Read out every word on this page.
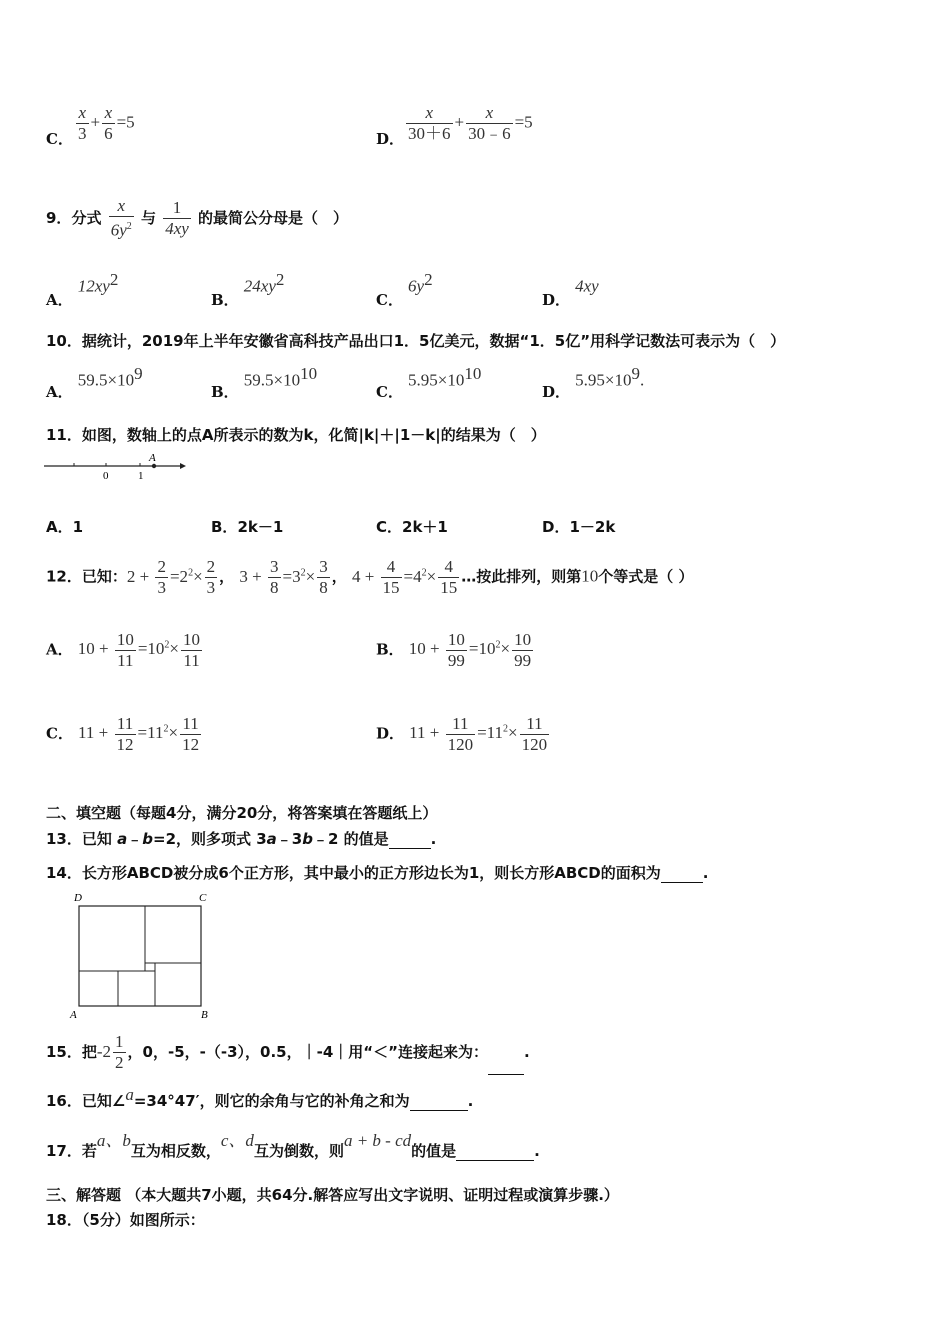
C． $\frac{x}{3} + \frac{x}{6} =5$
D． $\frac{x}{30+6} + \frac{x}{30﹣6} =5$
9．分式 $\frac{x}{6y^2}$ 与 $\frac{1}{4xy}$ 的最简公分母是（　）
A． $12xy^2$
B． $24xy^2$
C． $6y^2$
D． 4xy
10．据统计，2019年上半年安徽省高科技产品出口1．5亿美元，数据“1．5亿”用科学记数法可表示为（　）
A． $59.5\times 10^9$
B． $59.5\times 10^{10}$
C． $5.95\times 10^{10}$
D． $5.95\times 10^9$.
11．如图，数轴上的点A所表示的数为k，化简|k|＋|1－k|的结果为（　）
0	1
A
A．1	B．2k－1	C．2k＋1	D．1－2k
12．已知：$2 + \frac{2}{3} =2^2\times \frac{2}{3}$ ， $3 + \frac{3}{8} =3^2\times \frac{3}{8}$ ， $4 + \frac{4}{15} =4^2\times \frac{4}{15}$ …按此排列，则第10个等式是（ ）
A． $10 + \frac{10}{11} =10^2\times \frac{10}{11}$	B． $10 + \frac{10}{99} =10^2\times \frac{10}{99}$
C． $11 + \frac{11}{12} =11^2\times \frac{11}{12}$	D． $11 + \frac{11}{120} =11^2\times \frac{11}{120}$
二、填空题（每题4分，满分20分，将答案填在答题纸上）
13．已知 a﹣b=2，则多项式 3a﹣3b﹣2 的值是	.
14．长方形ABCD被分成6个正方形，其中最小的正方形边长为1，则长方形ABCD的面积为	.
D	C
A	B
15．把$-2 \frac{1}{2}$ ，0，-5，-（-3），0.5，｜-4｜用“＜”连接起来为： .
16．已知∠a=34°47′，则它的余角与它的补角之和为	.
17．若a、b互为相反数，c、d互为倒数，则a + b - cd的值是	.
三、解答题 （本大题共7小题，共64分.解答应写出文字说明、证明过程或演算步骤.）
18．（5分）如图所示：
